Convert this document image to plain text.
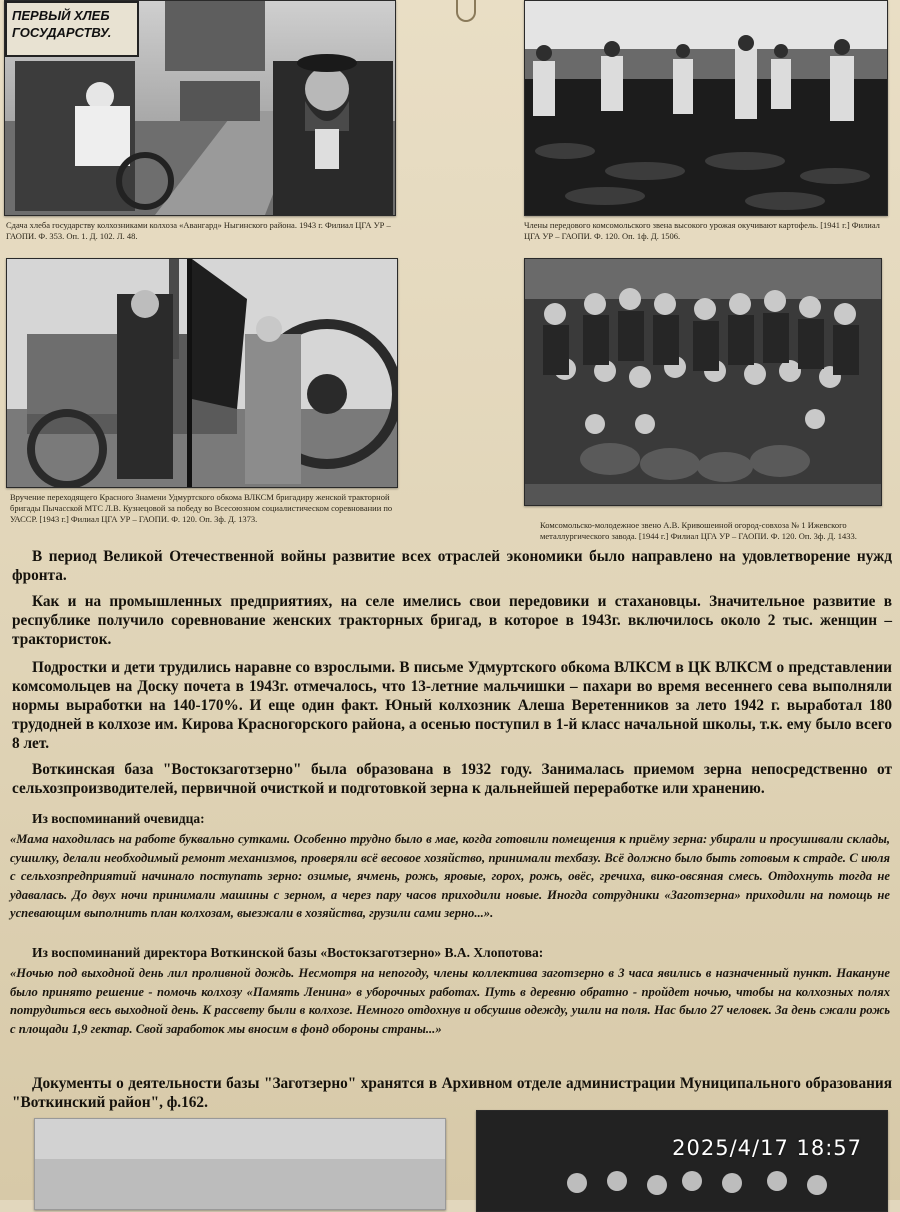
ПЕРВЫЙ ХЛЕБ ГОСУДАРСТВУ.
Сдача хлеба государству колхозниками колхоза «Авангард» Ныгинского района. 1943 г. Филиал ЦГА УР – ГАОПИ. Ф. 353. Оп. 1. Д. 102. Л. 48.
Члены передового комсомольского звена высокого урожая окучивают картофель. [1941 г.] Филиал ЦГА УР – ГАОПИ. Ф. 120. Оп. 1ф. Д. 1506.
Вручение переходящего Красного Знамени Удмуртского обкома ВЛКСМ бригадиру женской тракторной бригады Пычасской МТС Л.В. Кузнецовой за победу во Всесоюзном социалистическом соревновании по УАССР. [1943 г.] Филиал ЦГА УР – ГАОПИ. Ф. 120. Оп. 3ф. Д. 1373.
Комсомольско-молодежное звено А.В. Кривошеиной огород-совхоза № 1 Ижевского металлургического завода. [1944 г.] Филиал ЦГА УР – ГАОПИ. Ф. 120. Оп. 3ф. Д. 1433.
В период Великой Отечественной войны развитие всех отраслей экономики было направлено на удовлетворение нужд фронта.
Как и на промышленных предприятиях, на селе имелись свои передовики и стахановцы. Значительное развитие в республике получило соревнование женских тракторных бригад, в которое в 1943г. включилось около 2 тыс. женщин – трактористок.
Подростки и дети трудились наравне со взрослыми. В письме Удмуртского обкома ВЛКСМ в ЦК ВЛКСМ о представлении комсомольцев на Доску почета в 1943г. отмечалось, что 13-летние мальчишки – пахари во время весеннего сева выполняли нормы выработки на 140-170%. И еще один факт. Юный колхозник Алеша Веретенников за лето 1942 г. выработал 180 трудодней в колхозе им. Кирова Красногорского района, а осенью поступил в 1-й класс начальной школы, т.к. ему было всего 8 лет.
Воткинская база "Востокзаготзерно" была образована в 1932 году. Занималась приемом зерна непосредственно от сельхозпроизводителей, первичной очисткой и подготовкой зерна к дальнейшей переработке или хранению.
Из воспоминаний очевидца:
«Мама находилась на работе буквально сутками. Особенно трудно было в мае, когда готовили помещения к приёму зерна: убирали и просушивали склады, сушилку, делали необходимый ремонт механизмов, проверяли всё весовое хозяйство, принимали техбазу. Всё должно было быть готовым к страде. С июля с сельхозпредприятий начинало поступать зерно: озимые, ячмень, рожь, яровые, горох, рожь, овёс, гречиха, вико-овсяная смесь. Отдохнуть тогда не удавалась. До двух ночи принимали машины с зерном, а через пару часов приходили новые. Иногда сотрудники «Заготзерна» приходили на помощь не успевающим выполнить план колхозам, выезжали в хозяйства, грузили сами зерно...».
Из воспоминаний директора Воткинской базы «Востокзаготзерно» В.А. Хлопотова:
«Ночью под выходной день лил проливной дождь. Несмотря на непогоду, члены коллектива заготзерно в 3 часа явились в назначенный пункт. Накануне было принято решение - помочь колхозу «Память Ленина» в уборочных работах. Путь в деревню обратно - пройдет ночью, чтобы на колхозных полях потрудиться весь выходной день. К рассвету были в колхозе. Немного отдохнув и обсушив одежду, ушли на поля. Нас было 27 человек. За день сжали рожь с площади 1,9 гектар. Свой заработок мы вносим в фонд обороны страны...»
Документы о деятельности базы "Заготзерно" хранятся в Архивном отделе администрации Муниципального образования "Воткинский район", ф.162.
2025/4/17 18:57
